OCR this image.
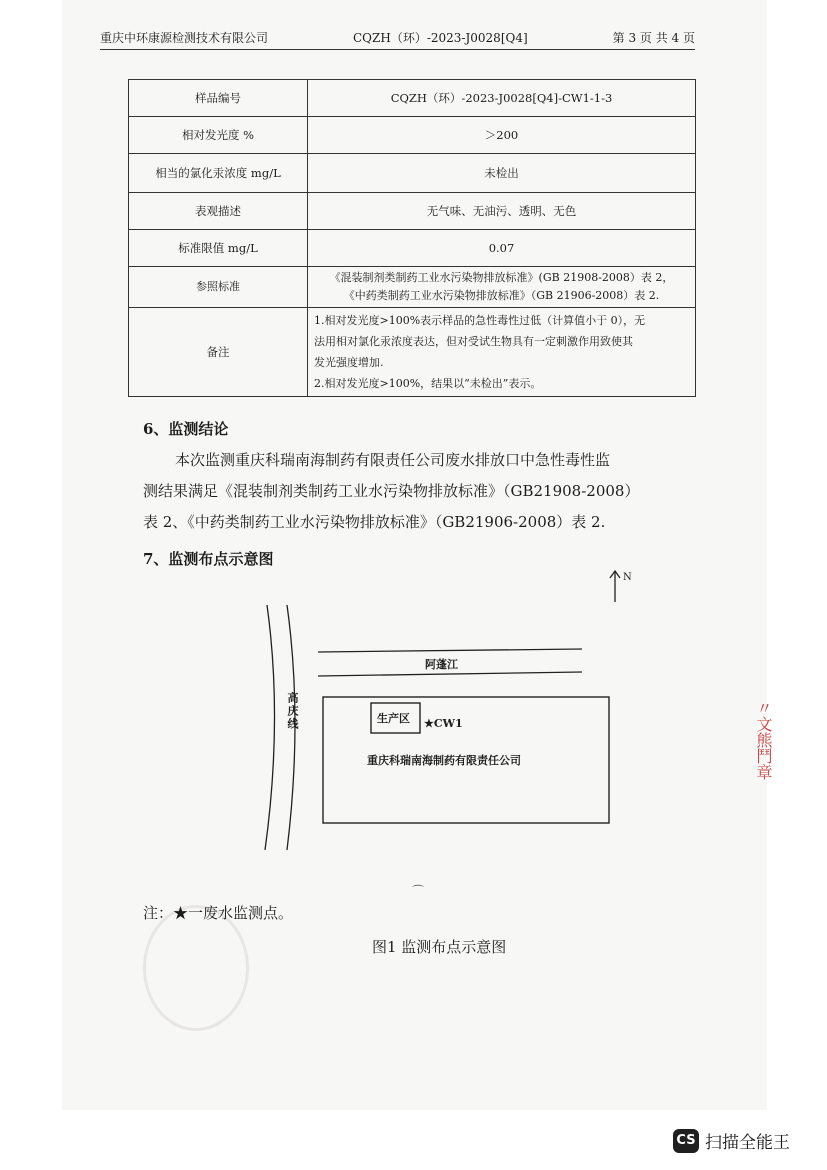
重庆中环康源检测技术有限公司	CQZH（环）-2023-J0028[Q4]	第 3 页 共 4 页
样品编号	CQZH（环）-2023-J0028[Q4]-CW1-1-3
相对发光度 %	＞200
相当的氯化汞浓度 mg/L	未检出
表观描述	无气味、无油污、透明、无色
标准限值 mg/L	0.07
参照标准	《混装制剂类制药工业水污染物排放标准》(GB 21908-2008）表 2，
《中药类制药工业水污染物排放标准》（GB 21906-2008）表 2.

备注	1.相对发光度>100%表示样品的急性毒性过低（计算值小于 0），无
法用相对氯化汞浓度表达，但对受试生物具有一定刺激作用致使其
发光强度增加.
2.相对发光度>100%，结果以“未检出”表示。
6、监测结论
本次监测重庆科瑞南海制药有限责任公司废水排放口中急性毒性监
测结果满足《混装制剂类制药工业水污染物排放标准》（GB21908-2008）
表 2、《中药类制药工业水污染物排放标准》（GB21906-2008）表 2.
7、监测布点示意图
N
高庆线
阿蓬江
生产区 ★CW1
重庆科瑞南海制药有限责任公司
⌒
注：★一废水监测点。
图1 监测布点示意图
〃文熊鬥章
CS 扫描全能王
